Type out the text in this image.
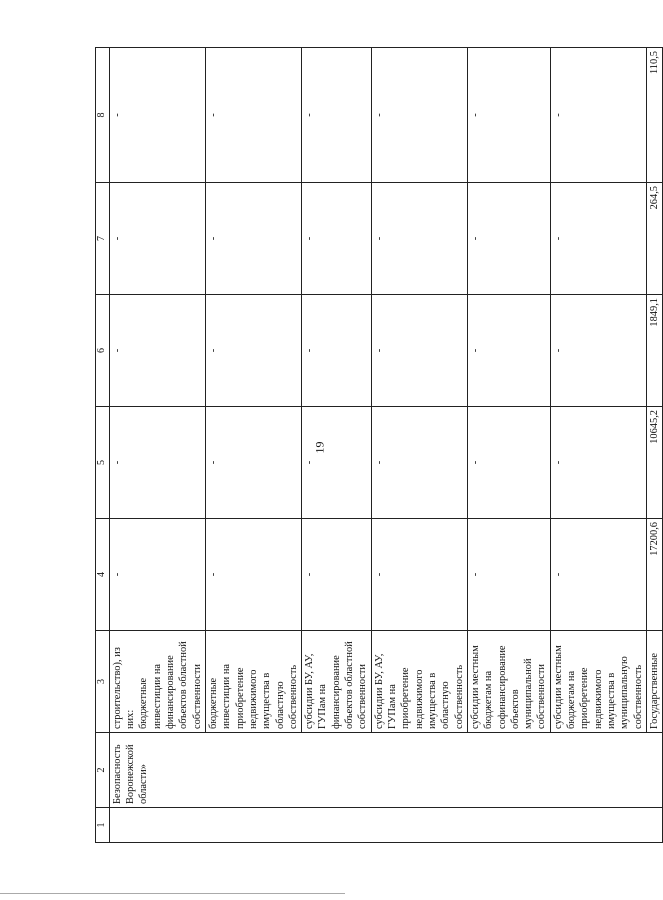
19
1	2	3	4	5	6	7	8
	Безопасность Воронежской области»	строительство), из них: бюджетные инвестиции на финансирование объектов областной собственности	-	-	-	-	-
		бюджетные инвестиции на приобретение недвижимого имущества в областную собственность	-	-	-	-	-
		субсидии БУ, АУ, ГУПам на финансирование объектов областной собственности	-	-	-	-	-
		субсидии БУ, АУ, ГУПам на приобретение недвижимого имущества в областную собственность	-	-	-	-	-
		субсидии местным бюджетам на софинансирование объектов муниципальной собственности	-	-	-	-	-
		субсидии местным бюджетам на приобретение недвижимого имущества в муниципальную собственность	-	-	-	-	-
		Государственные	17200,6	10645,2	1849,1	264,5	110,5
